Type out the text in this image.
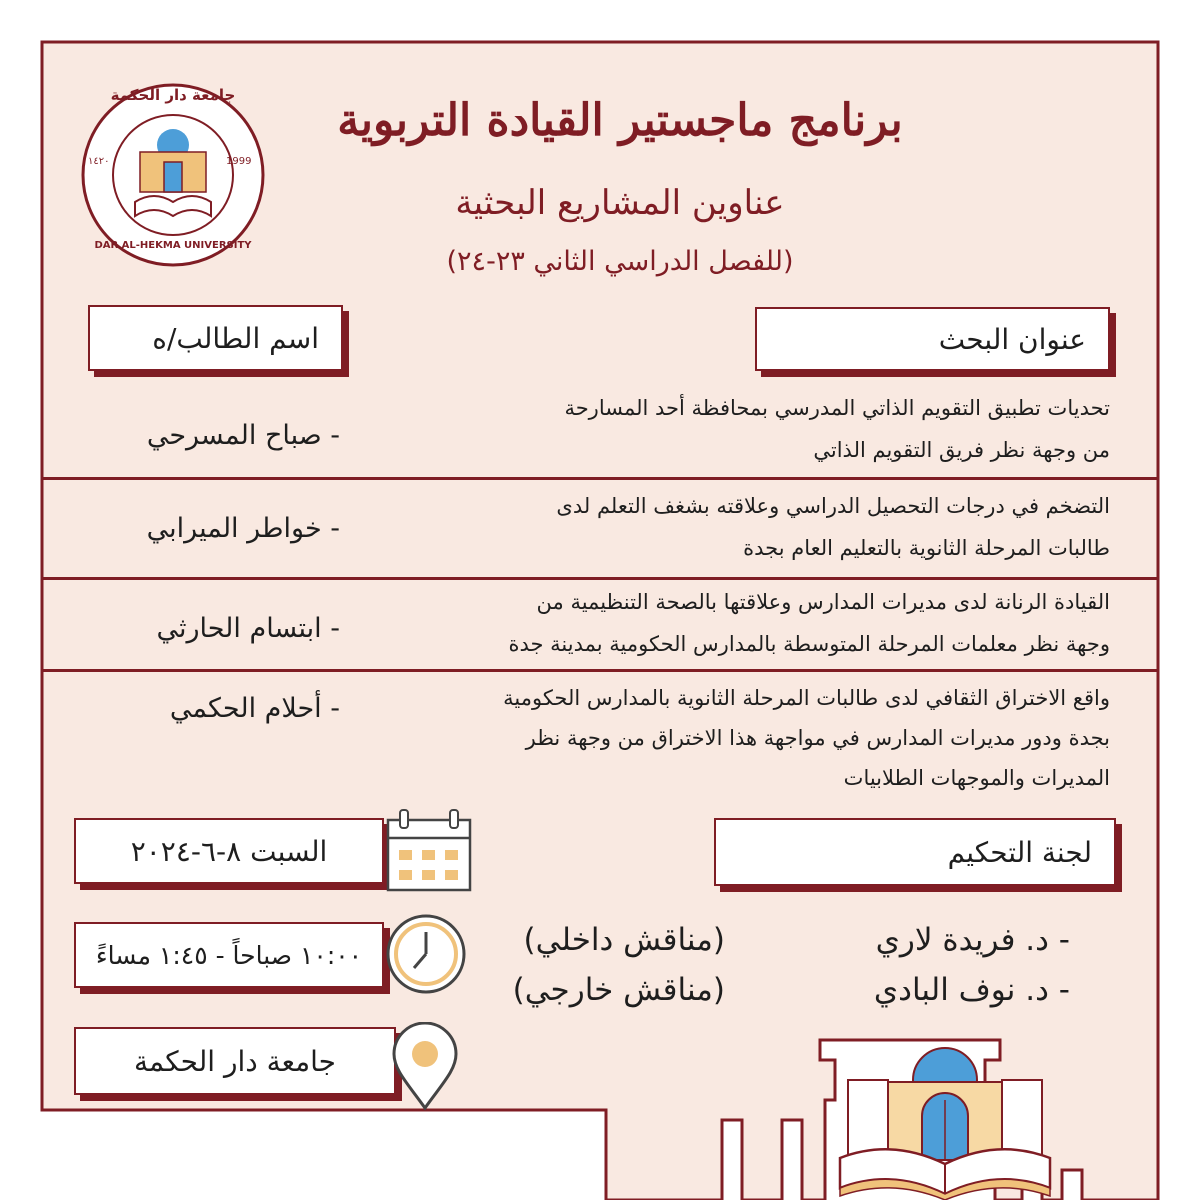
جامعة دار الحكمة
DAR AL-HEKMA UNIVERSITY
١٤٢٠	1999
برنامج ماجستير القيادة التربوية
عناوين المشاريع البحثية
(للفصل الدراسي الثاني ٢٣-٢٤)
عنوان البحث
اسم الطالب/ه
تحديات تطبيق التقويم الذاتي المدرسي بمحافظة أحد المسارحة
من وجهة نظر فريق التقويم الذاتي
- صباح المسرحي
التضخم في درجات التحصيل الدراسي وعلاقته بشغف التعلم لدى
طالبات المرحلة الثانوية بالتعليم العام بجدة
- خواطر الميرابي
القيادة الرنانة لدى مديرات المدارس وعلاقتها بالصحة التنظيمية من
وجهة نظر معلمات المرحلة المتوسطة بالمدارس الحكومية بمدينة جدة
- ابتسام الحارثي
واقع الاختراق الثقافي لدى طالبات المرحلة الثانوية بالمدارس الحكومية
بجدة ودور مديرات المدارس في مواجهة هذا الاختراق من وجهة نظر
المديرات والموجهات الطلابيات
- أحلام الحكمي
لجنة التحكيم
- د. فريدة لاري
(مناقش داخلي)
- د. نوف البادي
(مناقش خارجي)
السبت ٨-٦-٢٠٢٤
١٠:٠٠ صباحاً - ١:٤٥ مساءً
جامعة دار الحكمة
